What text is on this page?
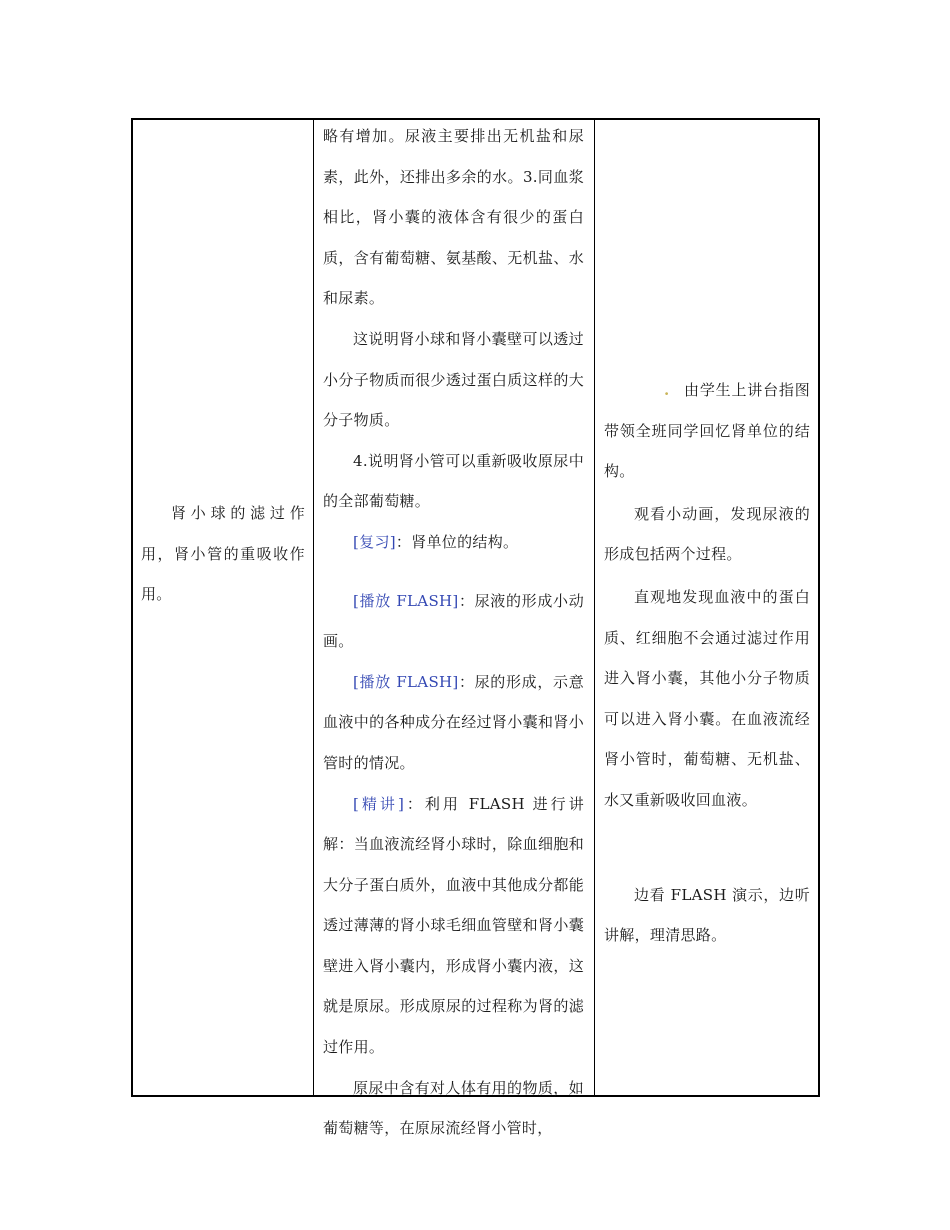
肾小球的滤过作用，肾小管的重吸收作用。

略有增加。尿液主要排出无机盐和尿素，此外，还排出多余的水。3.同血浆相比，肾小囊的液体含有很少的蛋白质，含有葡萄糖、氨基酸、无机盐、水和尿素。

这说明肾小球和肾小囊壁可以透过小分子物质而很少透过蛋白质这样的大分子物质。

4.说明肾小管可以重新吸收原尿中的全部葡萄糖。

[复习]：肾单位的结构。

[播放 FLASH]：尿液的形成小动画。

[播放 FLASH]：尿的形成，示意血液中的各种成分在经过肾小囊和肾小管时的情况。

[精讲]：利用 FLASH 进行讲解：当血液流经肾小球时，除血细胞和大分子蛋白质外，血液中其他成分都能透过薄薄的肾小球毛细血管壁和肾小囊壁进入肾小囊内，形成肾小囊内液，这就是原尿。形成原尿的过程称为肾的滤过作用。

原尿中含有对人体有用的物质，如葡萄糖等，在原尿流经肾小管时，

. 由学生上讲台指图带领全班同学回忆肾单位的结构。

观看小动画，发现尿液的形成包括两个过程。

直观地发现血液中的蛋白质、红细胞不会通过滤过作用进入肾小囊，其他小分子物质可以进入肾小囊。在血液流经肾小管时，葡萄糖、无机盐、水又重新吸收回血液。

边看 FLASH 演示，边听讲解，理清思路。
